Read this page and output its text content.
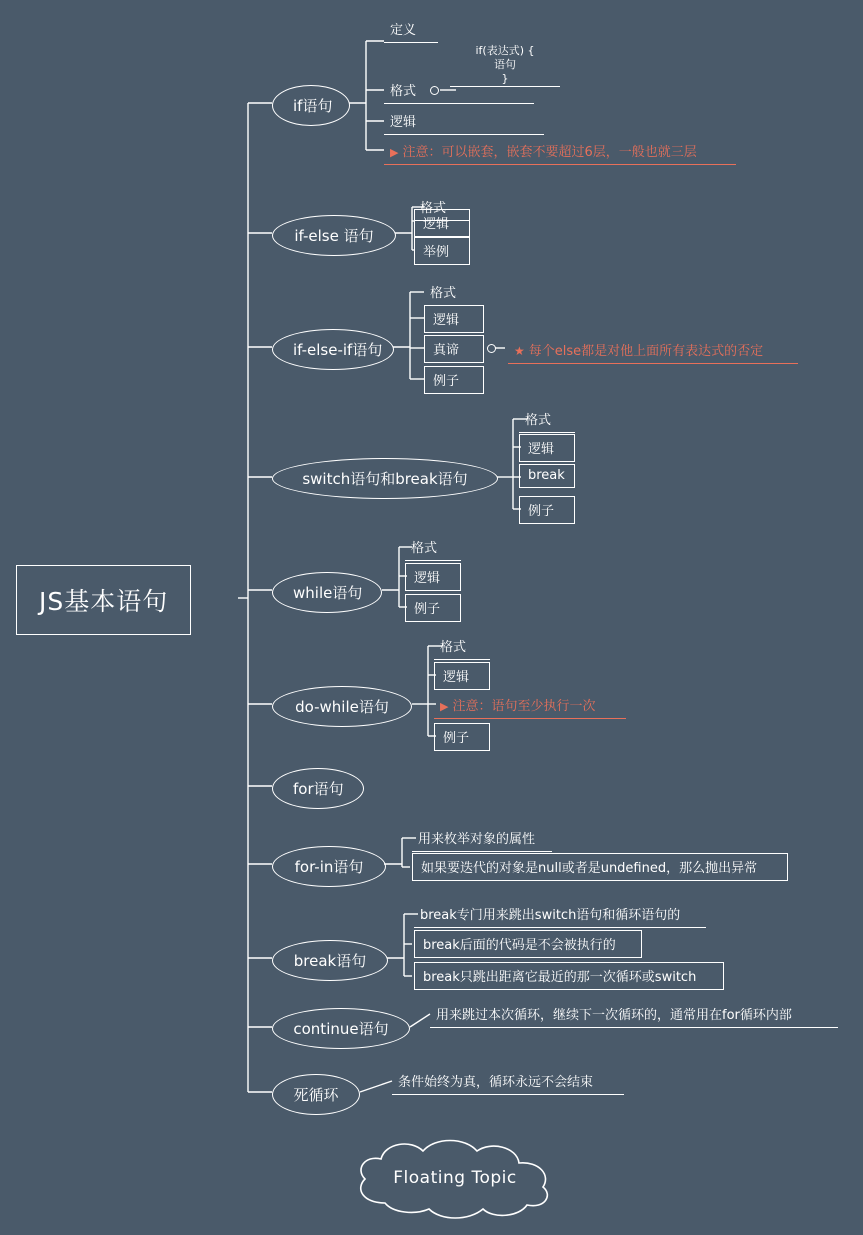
JS基本语句
if语句
定义
格式
if(表达式) {
语句
}
逻辑
▶ 注意：可以嵌套，嵌套不要超过6层，一般也就三层
if-else 语句
格式
逻辑
举例
if-else-if语句
格式
逻辑
真谛	★ 每个else都是对他上面所有表达式的否定
例子
switch语句和break语句
格式
逻辑
break
例子
while语句
格式
逻辑
例子
do-while语句
格式
逻辑
▶ 注意：语句至少执行一次
例子
for语句
for-in语句
用来枚举对象的属性
如果要迭代的对象是null或者是undefined，那么抛出异常
break语句
break专门用来跳出switch语句和循环语句的
break后面的代码是不会被执行的
break只跳出距离它最近的那一次循环或switch
continue语句
用来跳过本次循环，继续下一次循环的，通常用在for循环内部
死循环
条件始终为真，循环永远不会结束
Floating Topic
